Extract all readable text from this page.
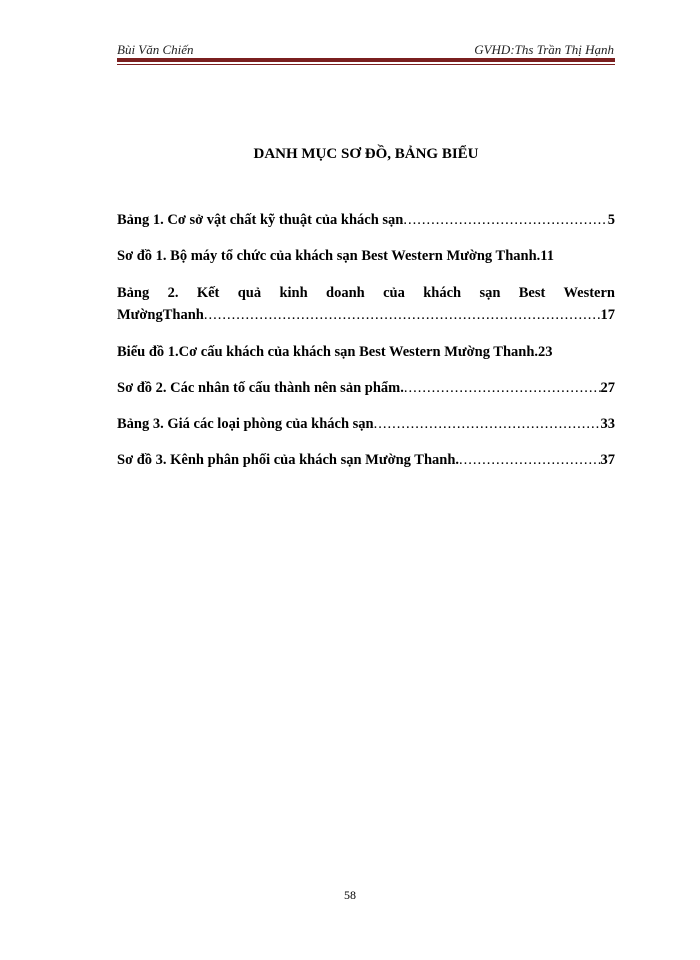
Bùi Văn Chiến	GVHD:Ths Trần Thị Hạnh
DANH MỤC SƠ ĐỒ, BẢNG BIỂU
Bảng 1. Cơ sở vật chất kỹ thuật của khách sạn .....	5
Sơ đồ 1. Bộ máy tổ chức của khách sạn Best Western Mường Thanh .11
Bảng 2. Kết quả kinh doanh của khách sạn Best Western
MườngThanh .....	17
Biểu đồ 1.Cơ cấu khách của khách sạn Best Western Mường Thanh .23
Sơ đồ 2. Các nhân tố cấu thành nên sản phẩm. .....	27
Bảng 3. Giá các loại phòng của khách sạn .....	33
Sơ đồ 3. Kênh phân phối của khách sạn Mường Thanh. .....	37
58
